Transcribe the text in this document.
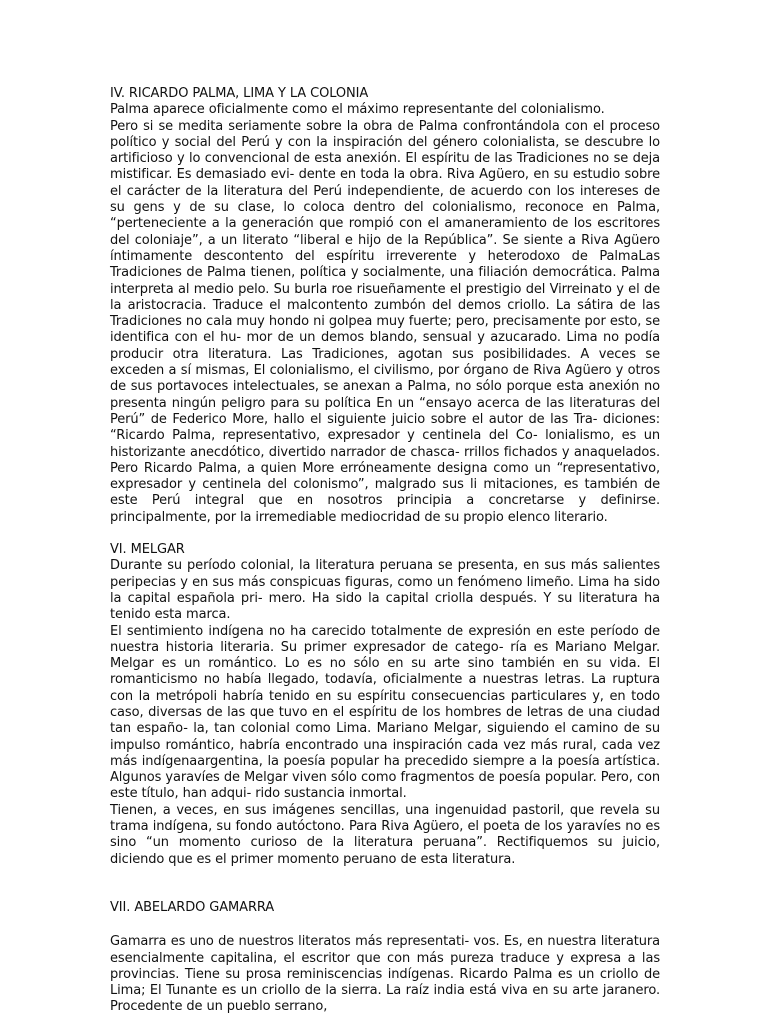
IV. RICARDO PALMA, LIMA Y LA COLONIA

Palma aparece oficialmente como el máximo representante del colonialismo.

Pero si se medita seriamente sobre la obra de Palma confrontándola con el proceso político y social del Perú y con la inspiración del género colonialista, se descubre lo artificioso y lo convencional de esta anexión. El espíritu de las Tradiciones no se deja mistificar. Es demasiado evi- dente en toda la obra. Riva Agüero, en su estudio sobre el carácter de la literatura del Perú independiente, de acuerdo con los intereses de su gens y de su clase, lo coloca dentro del colonialismo, reconoce en Palma, “perteneciente a la generación que rompió con el amaneramiento de los escritores del coloniaje”, a un literato “liberal e hijo de la República”. Se siente a Riva Agüero íntimamente descontento del espíritu irreverente y heterodoxo de PalmaLas Tradiciones de Palma tienen, política y socialmente, una filiación democrática. Palma interpreta al medio pelo. Su burla roe risueñamente el prestigio del Virreinato y el de la aristocracia. Traduce el malcontento zumbón del demos criollo. La sátira de las Tradiciones no cala muy hondo ni golpea muy fuerte; pero, precisamente por esto, se identifica con el hu- mor de un demos blando, sensual y azucarado. Lima no podía producir otra literatura. Las Tradiciones, agotan sus posibilidades. A veces se exceden a sí mismas, El colonialismo, el civilismo, por órgano de Riva Agüero y otros de sus portavoces intelectuales, se anexan a Palma, no sólo porque esta anexión no presenta ningún peligro para su política En un “ensayo acerca de las literaturas del Perú” de Federico More, hallo el siguiente juicio sobre el autor de las Tra- diciones: “Ricardo Palma, representativo, expresador y centinela del Co- lonialismo, es un historizante anecdótico, divertido narrador de chasca- rrillos fichados y anaquelados. Pero Ricardo Palma, a quien More erróneamente designa como un “representativo, expresador y centinela del colonismo”, malgrado sus li mitaciones, es también de este Perú integral que en nosotros principia a concretarse y definirse. principalmente, por la irremediable mediocridad de su propio elenco literario.

VI. MELGAR

Durante su período colonial, la literatura peruana se presenta, en sus más salientes peripecias y en sus más conspicuas figuras, como un fenómeno limeño. Lima ha sido la capital española pri- mero. Ha sido la capital criolla después. Y su literatura ha tenido esta marca.

El sentimiento indígena no ha carecido totalmente de expresión en este período de nuestra historia literaria. Su primer expresador de catego- ría es Mariano Melgar. Melgar es un romántico. Lo es no sólo en su arte sino también en su vida. El romanticismo no había llegado, todavía, oficialmente a nuestras letras. La ruptura con la metrópoli habría tenido en su espíritu consecuencias particulares y, en todo caso, diversas de las que tuvo en el espíritu de los hombres de letras de una ciudad tan españo- la, tan colonial como Lima. Mariano Melgar, siguiendo el camino de su impulso romántico, habría encontrado una inspiración cada vez más rural, cada vez más indígenaargentina, la poesía popular ha precedido siempre a la poesía artística. Algunos yaravíes de Melgar viven sólo como fragmentos de poesía popular. Pero, con este título, han adqui- rido sustancia inmortal.

Tienen, a veces, en sus imágenes sencillas, una ingenuidad pastoril, que revela su trama indígena, su fondo autóctono. Para Riva Agüero, el poeta de los yaravíes no es sino “un momento curioso de la literatura peruana”. Rectifiquemos su juicio, diciendo que es el primer momento peruano de esta literatura.

VII. ABELARDO GAMARRA

Gamarra es uno de nuestros literatos más representati- vos. Es, en nuestra literatura esencialmente capitalina, el escritor que con más pureza traduce y expresa a las provincias. Tiene su prosa reminiscencias indígenas. Ricardo Palma es un criollo de Lima; El Tunante es un criollo de la sierra. La raíz india está viva en su arte jaranero. Procedente de un pueblo serrano,
